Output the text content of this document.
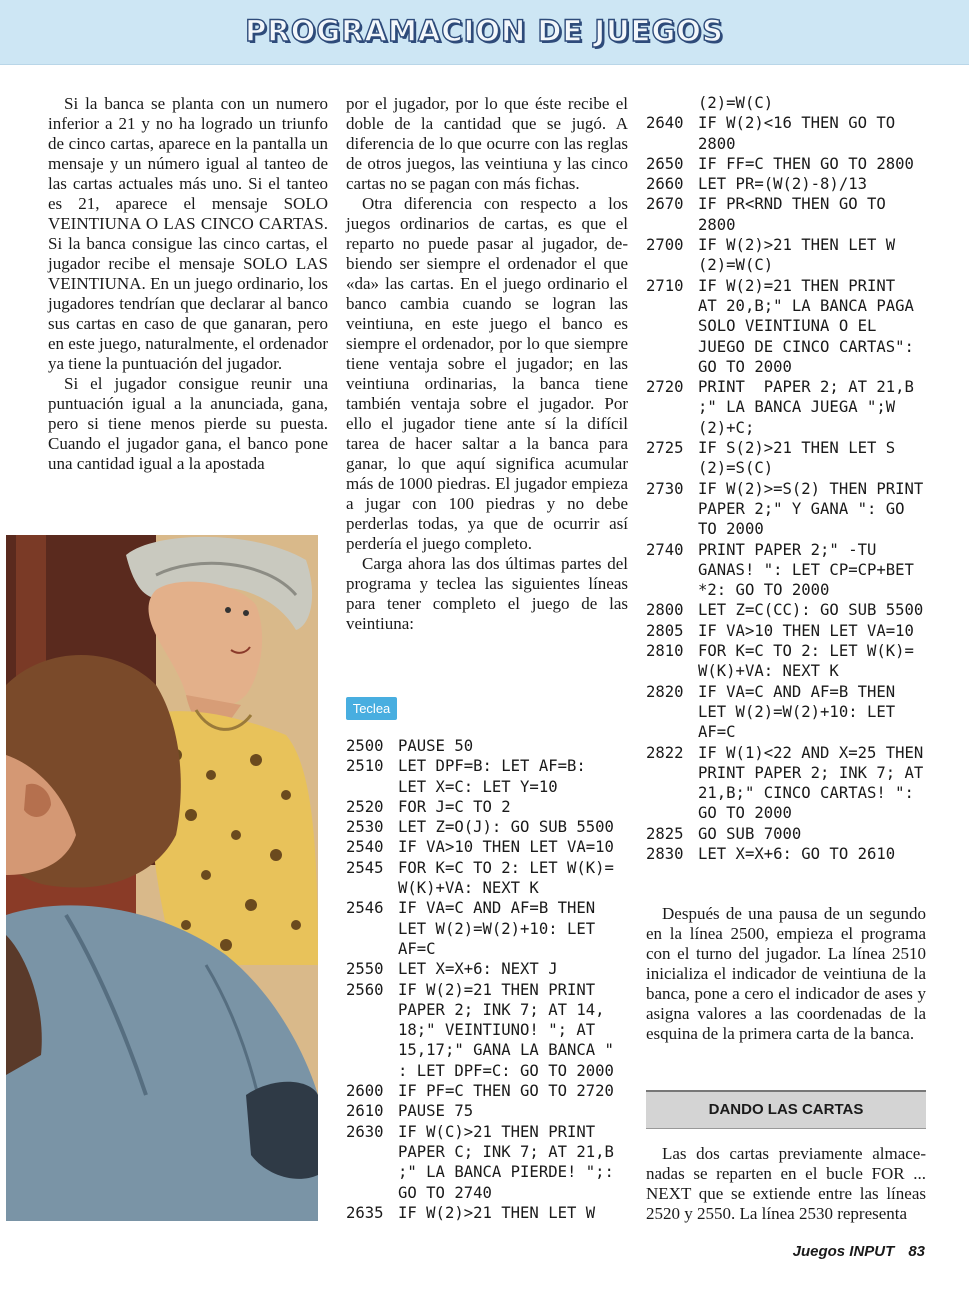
PROGRAMACION DE JUEGOS

Si la banca se planta con un numero inferior a 21 y no ha logrado un triunfo de cinco cartas, aparece en la pantalla un mensaje y un número igual al tanteo de las cartas actuales más uno. Si el tanteo es 21, aparece el mensaje SOLO VEINTIUNA O LAS CINCO CARTAS. Si la banca consigue las cinco cartas, el jugador recibe el mensaje SOLO LAS VEINTIUNA. En un juego ordinario, los jugadores tendrían que declarar al banco sus cartas en caso de que ganaran, pero en este juego, naturalmente, el ordenador ya tiene la puntuación del jugador.

Si el jugador consigue reunir una puntuación igual a la anunciada, gana, pero si tiene menos pierde su puesta. Cuando el jugador gana, el banco pone una cantidad igual a la apostada

por el jugador, por lo que éste recibe el doble de la cantidad que se jugó. A diferencia de lo que ocurre con las reglas de otros juegos, las veintiuna y las cinco cartas no se pagan con más fichas.

Otra diferencia con respecto a los juegos ordinarios de cartas, es que el reparto no puede pasar al jugador, debiendo ser siempre el ordenador el que «da» las cartas. En el juego ordinario el banco cambia cuando se logran las veintiuna, en este juego el banco es siempre el ordenador, por lo que siempre tiene ventaja sobre el jugador; en las veintiuna ordinarias, la banca tiene también ventaja sobre el jugador. Por ello el jugador tiene ante sí la difícil tarea de hacer saltar a la banca para ganar, lo que aquí significa acumular más de 1000 piedras. El jugador empieza a jugar con 100 piedras y no debe perderlas todas, ya que de ocurrir así perdería el juego completo.

Carga ahora las dos últimas partes del programa y teclea las siguientes líneas para tener completo el juego de las veintiuna:

Teclea
2500 PAUSE 50
2510 LET DPF=B: LET AF=B:
LET X=C: LET Y=10
2520 FOR J=C TO 2
2530 LET Z=O(J): GO SUB 5500
2540 IF VA>10 THEN LET VA=10
2545 FOR K=C TO 2: LET W(K)=
W(K)+VA: NEXT K
2546 IF VA=C AND AF=B THEN
LET W(2)=W(2)+10: LET
AF=C
2550 LET X=X+6: NEXT J
2560 IF W(2)=21 THEN PRINT
PAPER 2; INK 7; AT 14,
18;" VEINTIUNO! "; AT
15,17;" GANA LA BANCA "
: LET DPF=C: GO TO 2000
2600 IF PF=C THEN GO TO 2720
2610 PAUSE 75
2630 IF W(C)>21 THEN PRINT
PAPER C; INK 7; AT 21,B
;" LA BANCA PIERDE! ";:
GO TO 2740
2635 IF W(2)>21 THEN LET W
(2)=W(C)
2640 IF W(2)<16 THEN GO TO
2800
2650 IF FF=C THEN GO TO 2800
2660 LET PR=(W(2)-8)/13
2670 IF PR<RND THEN GO TO
2800
2700 IF W(2)>21 THEN LET W
(2)=W(C)
2710 IF W(2)=21 THEN PRINT
AT 20,B;" LA BANCA PAGA
SOLO VEINTIUNA O EL
JUEGO DE CINCO CARTAS":
GO TO 2000
2720 PRINT  PAPER 2; AT 21,B
;" LA BANCA JUEGA ";W
(2)+C;
2725 IF S(2)>21 THEN LET S
(2)=S(C)
2730 IF W(2)>=S(2) THEN PRINT
PAPER 2;" Y GANA ": GO
TO 2000
2740 PRINT PAPER 2;" -TU
GANAS! ": LET CP=CP+BET
*2: GO TO 2000
2800 LET Z=C(CC): GO SUB 5500
2805 IF VA>10 THEN LET VA=10
2810 FOR K=C TO 2: LET W(K)=
W(K)+VA: NEXT K
2820 IF VA=C AND AF=B THEN
LET W(2)=W(2)+10: LET
AF=C
2822 IF W(1)<22 AND X=25 THEN
PRINT PAPER 2; INK 7; AT
21,B;" CINCO CARTAS! ":
GO TO 2000
2825 GO SUB 7000
2830 LET X=X+6: GO TO 2610

Después de una pausa de un segundo en la línea 2500, empieza el programa con el turno del jugador. La línea 2510 inicializa el indicador de veintiuna de la banca, pone a cero el indicador de ases y asigna valores a las coordenadas de la esquina de la primera carta de la banca.

DANDO LAS CARTAS

Las dos cartas previamente almacenadas se reparten en el bucle FOR ... NEXT que se extiende entre las líneas 2520 y 2550. La línea 2530 representa

Juegos INPUT 83
